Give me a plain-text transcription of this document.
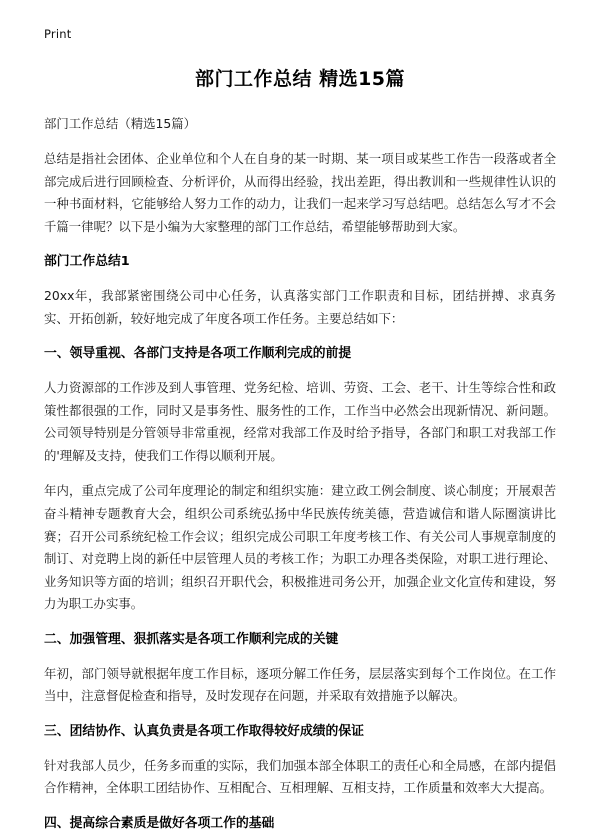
Print
部门工作总结 精选15篇
部门工作总结（精选15篇）

总结是指社会团体、企业单位和个人在自身的某一时期、某一项目或某些工作告一段落或者全部完成后进行回顾检查、分析评价，从而得出经验，找出差距，得出教训和一些规律性认识的一种书面材料，它能够给人努力工作的动力，让我们一起来学习写总结吧。总结怎么写才不会千篇一律呢？以下是小编为大家整理的部门工作总结，希望能够帮助到大家。

部门工作总结1

20xx年，我部紧密围绕公司中心任务，认真落实部门工作职责和目标，团结拼搏、求真务实、开拓创新，较好地完成了年度各项工作任务。主要总结如下：

一、领导重视、各部门支持是各项工作顺利完成的前提

人力资源部的工作涉及到人事管理、党务纪检、培训、劳资、工会、老干、计生等综合性和政策性都很强的工作，同时又是事务性、服务性的工作，工作当中必然会出现新情况、新问题。公司领导特别是分管领导非常重视，经常对我部工作及时给予指导，各部门和职工对我部工作的'理解及支持，使我们工作得以顺利开展。

年内，重点完成了公司年度理论的制定和组织实施：建立政工例会制度、谈心制度；开展艰苦奋斗精神专题教育大会，组织公司系统弘扬中华民族传统美德，营造诚信和谐人际圈演讲比赛；召开公司系统纪检工作会议；组织完成公司职工年度考核工作、有关公司人事规章制度的制订、对竞聘上岗的新任中层管理人员的考核工作；为职工办理各类保险，对职工进行理论、业务知识等方面的培训；组织召开职代会，积极推进司务公开，加强企业文化宣传和建设，努力为职工办实事。

二、加强管理、狠抓落实是各项工作顺利完成的关键

年初，部门领导就根据年度工作目标，逐项分解工作任务，层层落实到每个工作岗位。在工作当中，注意督促检查和指导，及时发现存在问题，并采取有效措施予以解决。

三、团结协作、认真负责是各项工作取得较好成绩的保证

针对我部人员少，任务多而重的实际，我们加强本部全体职工的责任心和全局感，在部内提倡合作精神，全体职工团结协作、互相配合、互相理解、互相支持，工作质量和效率大大提高。

四、提高综合素质是做好各项工作的基础
